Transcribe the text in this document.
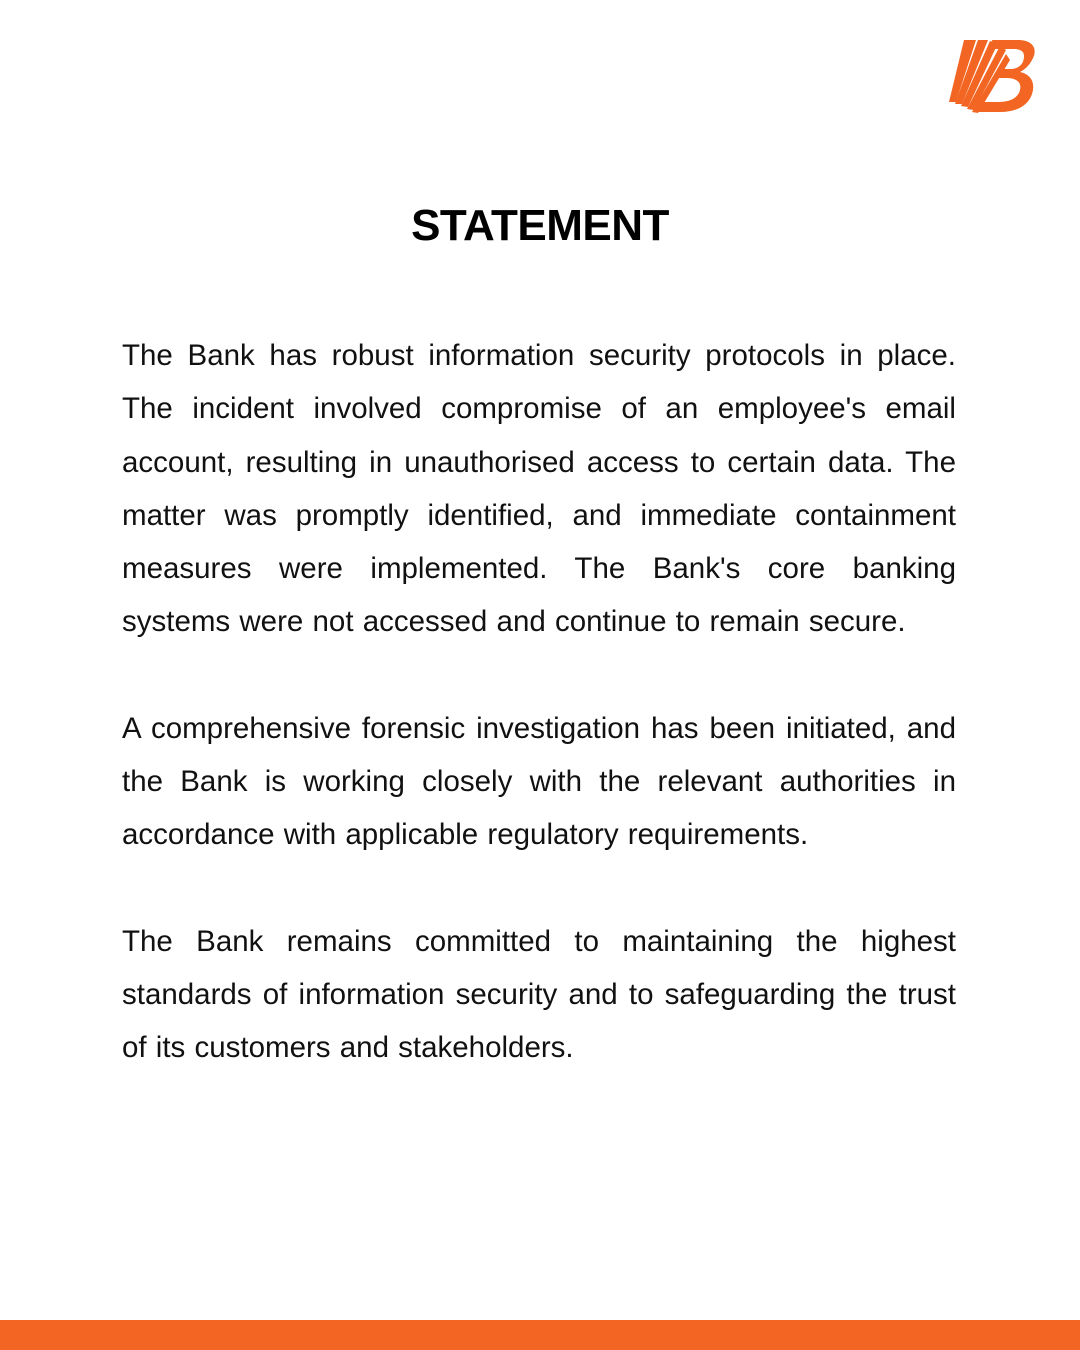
STATEMENT

The Bank has robust information security protocols in place. The incident involved compromise of an employee's email account, resulting in unauthorised access to certain data. The matter was promptly identified, and immediate containment measures were implemented. The Bank's core banking systems were not accessed and continue to remain secure.

A comprehensive forensic investigation has been initiated, and the Bank is working closely with the relevant authorities in accordance with applicable regulatory requirements.

The Bank remains committed to maintaining the highest standards of information security and to safeguarding the trust of its customers and stakeholders.
